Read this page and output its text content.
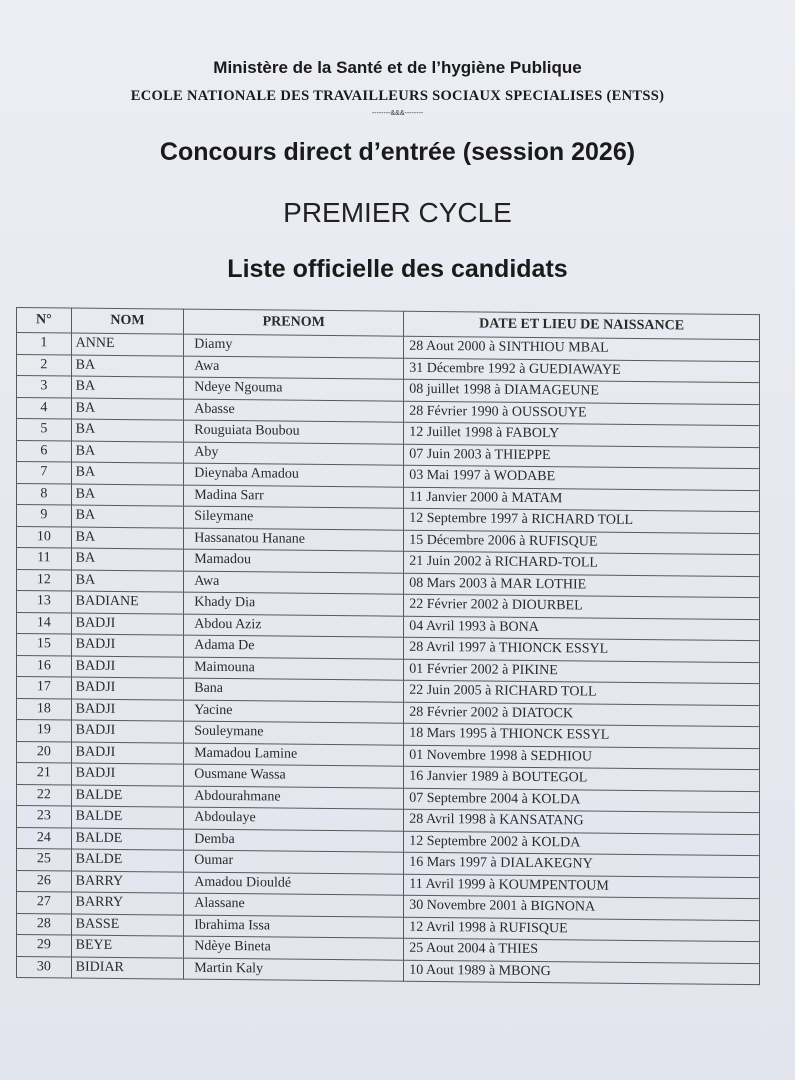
Ministère de la Santé et de l’hygiène Publique
ECOLE NATIONALE DES TRAVAILLEURS SOCIAUX SPECIALISES (ENTSS)
--------&&&--------
Concours direct d’entrée (session 2026)
PREMIER CYCLE
Liste officielle des candidats
N°	NOM	PRENOM	DATE ET LIEU DE NAISSANCE
1	ANNE	Diamy	28 Aout 2000 à SINTHIOU MBAL
2	BA	Awa	31 Décembre 1992 à GUEDIAWAYE
3	BA	Ndeye Ngouma	08 juillet 1998 à DIAMAGEUNE
4	BA	Abasse	28 Février 1990 à OUSSOUYE
5	BA	Rouguiata Boubou	12 Juillet 1998 à FABOLY
6	BA	Aby	07 Juin 2003 à THIEPPE
7	BA	Dieynaba Amadou	03 Mai 1997 à WODABE
8	BA	Madina Sarr	11 Janvier 2000 à MATAM
9	BA	Sileymane	12 Septembre 1997 à RICHARD TOLL
10	BA	Hassanatou Hanane	15 Décembre 2006 à RUFISQUE
11	BA	Mamadou	21 Juin 2002 à RICHARD-TOLL
12	BA	Awa	08 Mars 2003 à MAR LOTHIE
13	BADIANE	Khady Dia	22 Février 2002 à DIOURBEL
14	BADJI	Abdou Aziz	04 Avril 1993 à BONA
15	BADJI	Adama De	28 Avril 1997 à THIONCK ESSYL
16	BADJI	Maimouna	01 Février 2002 à PIKINE
17	BADJI	Bana	22 Juin 2005 à RICHARD TOLL
18	BADJI	Yacine	28 Février 2002 à DIATOCK
19	BADJI	Souleymane	18 Mars 1995 à THIONCK ESSYL
20	BADJI	Mamadou Lamine	01 Novembre 1998 à SEDHIOU
21	BADJI	Ousmane Wassa	16 Janvier 1989 à BOUTEGOL
22	BALDE	Abdourahmane	07 Septembre 2004 à KOLDA
23	BALDE	Abdoulaye	28 Avril 1998 à KANSATANG
24	BALDE	Demba	12 Septembre 2002 à KOLDA
25	BALDE	Oumar	16 Mars 1997 à DIALAKEGNY
26	BARRY	Amadou Diouldé	11 Avril 1999 à KOUMPENTOUM
27	BARRY	Alassane	30 Novembre 2001 à BIGNONA
28	BASSE	Ibrahima Issa	12 Avril 1998 à RUFISQUE
29	BEYE	Ndèye Bineta	25 Aout 2004 à THIES
30	BIDIAR	Martin Kaly	10 Aout 1989 à MBONG
